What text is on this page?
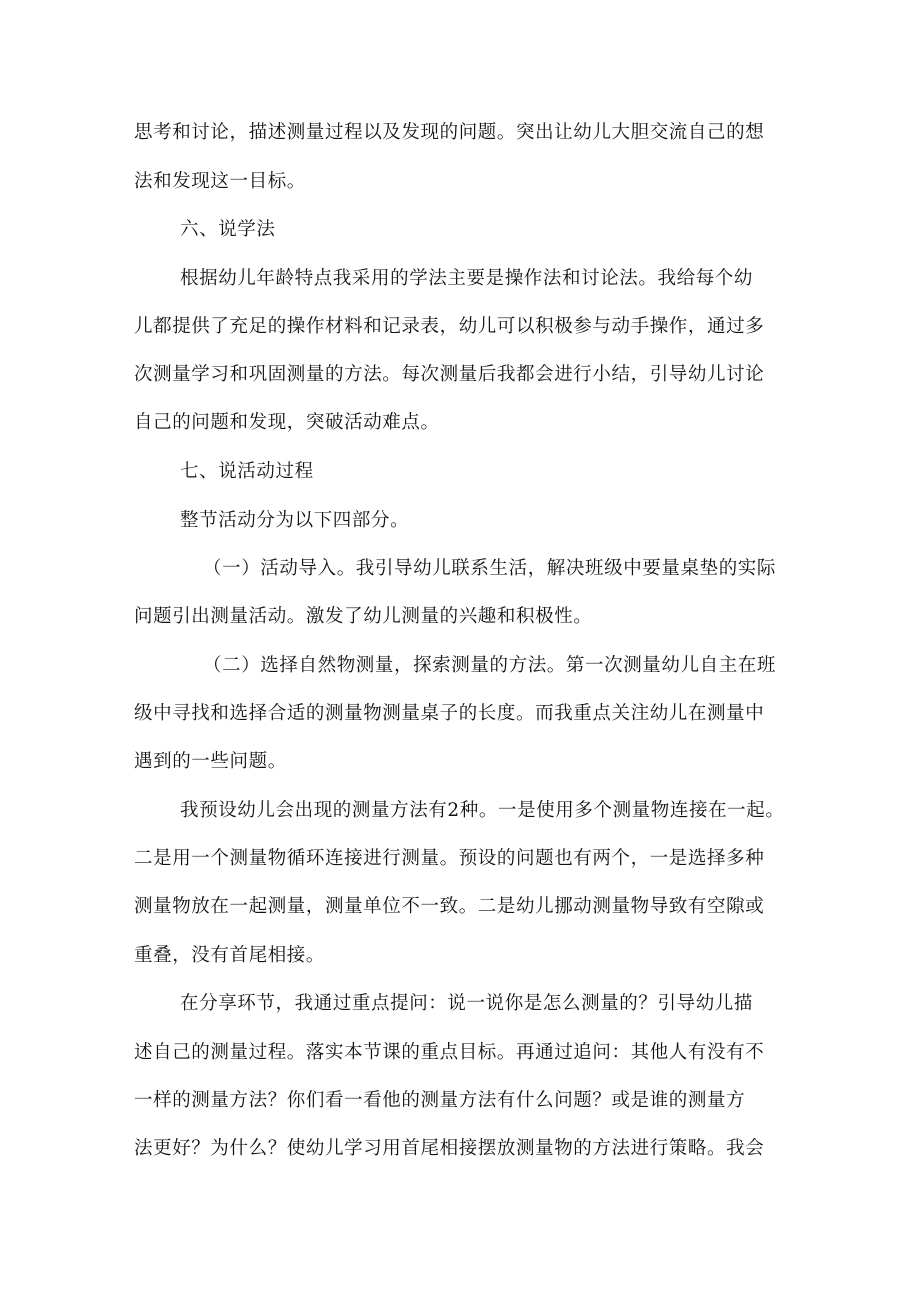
思考和讨论，描述测量过程以及发现的问题。突出让幼儿大胆交流自己的想
法和发现这一目标。
六、说学法
根据幼儿年龄特点我采用的学法主要是操作法和讨论法。我给每个幼
儿都提供了充足的操作材料和记录表，幼儿可以积极参与动手操作，通过多
次测量学习和巩固测量的方法。每次测量后我都会进行小结，引导幼儿讨论
自己的问题和发现，突破活动难点。
七、说活动过程
整节活动分为以下四部分。
（一）活动导入。我引导幼儿联系生活，解决班级中要量桌垫的实际
问题引出测量活动。激发了幼儿测量的兴趣和积极性。
（二）选择自然物测量，探索测量的方法。第一次测量幼儿自主在班
级中寻找和选择合适的测量物测量桌子的长度。而我重点关注幼儿在测量中
遇到的一些问题。
我预设幼儿会出现的测量方法有2种。一是使用多个测量物连接在一起。
二是用一个测量物循环连接进行测量。预设的问题也有两个，一是选择多种
测量物放在一起测量，测量单位不一致。二是幼儿挪动测量物导致有空隙或
重叠，没有首尾相接。
在分享环节，我通过重点提问：说一说你是怎么测量的？引导幼儿描
述自己的测量过程。落实本节课的重点目标。再通过追问：其他人有没有不
一样的测量方法？你们看一看他的测量方法有什么问题？或是谁的测量方
法更好？为什么？使幼儿学习用首尾相接摆放测量物的方法进行策略。我会
